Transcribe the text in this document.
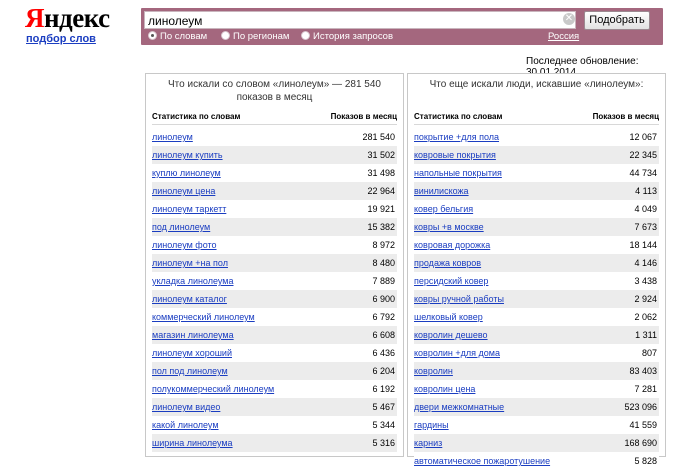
Яндекс
подбор слов
линолеум	✕	Подобрать
По словам	По регионам	История запросов	Россия
Последнее обновление:
Что искали со словом «линолеум» — 281 540 показов в месяц
Статистика по словам	Показов в месяц
линолеум	281 540
линолеум купить	31 502
куплю линолеум	31 498
линолеум цена	22 964
линолеум таркетт	19 921
под линолеум	15 382
линолеум фото	8 972
линолеум +на пол	8 480
укладка линолеума	7 889
линолеум каталог	6 900
коммерческий линолеум	6 792
магазин линолеума	6 608
линолеум хороший	6 436
пол под линолеум	6 204
полукоммерческий линолеум	6 192
линолеум видео	5 467
какой линолеум	5 344
ширина линолеума	5 316
Что еще искали люди, искавшие «линолеум»:
Статистика по словам	Показов в месяц
покрытие +для пола	12 067
ковровые покрытия	22 345
напольные покрытия	44 734
винилискожа	4 113
ковер бельгия	4 049
ковры +в москве	7 673
ковровая дорожка	18 144
продажа ковров	4 146
персидский ковер	3 438
ковры ручной работы	2 924
шелковый ковер	2 062
ковролин дешево	1 311
ковролин +для дома	807
ковролин	83 403
ковролин цена	7 281
двери межкомнатные	523 096
гардины	41 559
карниз	168 690
автоматическое пожаротушение	5 828
